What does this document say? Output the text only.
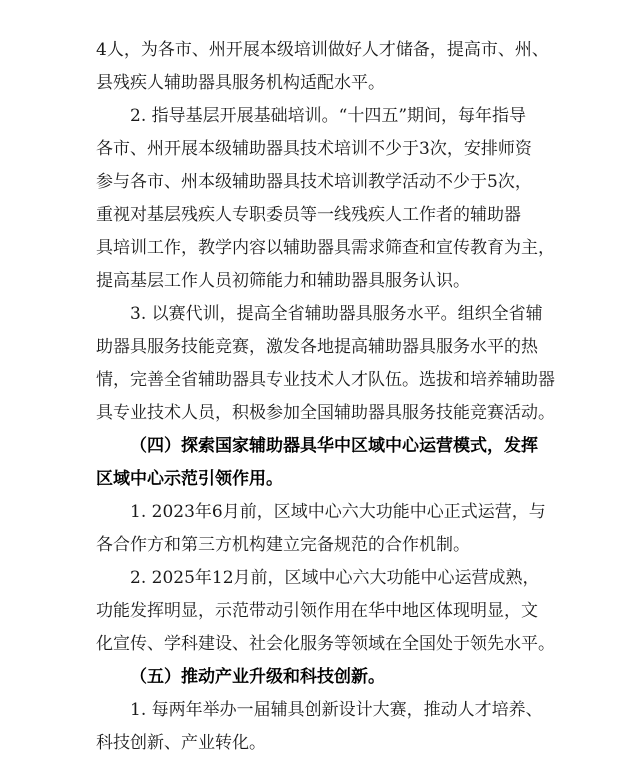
4人，为各市、州开展本级培训做好人才储备，提高市、州、
县残疾人辅助器具服务机构适配水平。

2. 指导基层开展基础培训。“十四五”期间，每年指导
各市、州开展本级辅助器具技术培训不少于3次，安排师资
参与各市、州本级辅助器具技术培训教学活动不少于5次，
重视对基层残疾人专职委员等一线残疾人工作者的辅助器
具培训工作，教学内容以辅助器具需求筛查和宣传教育为主，
提高基层工作人员初筛能力和辅助器具服务认识。

3. 以赛代训，提高全省辅助器具服务水平。组织全省辅
助器具服务技能竞赛，激发各地提高辅助器具服务水平的热
情，完善全省辅助器具专业技术人才队伍。选拔和培养辅助器
具专业技术人员，积极参加全国辅助器具服务技能竞赛活动。

（四）探索国家辅助器具华中区域中心运营模式，发挥
区域中心示范引领作用。

1. 2023年6月前，区域中心六大功能中心正式运营，与
各合作方和第三方机构建立完备规范的合作机制。

2. 2025年12月前，区域中心六大功能中心运营成熟，
功能发挥明显，示范带动引领作用在华中地区体现明显，文
化宣传、学科建设、社会化服务等领域在全国处于领先水平。

（五）推动产业升级和科技创新。

1. 每两年举办一届辅具创新设计大赛，推动人才培养、
科技创新、产业转化。
